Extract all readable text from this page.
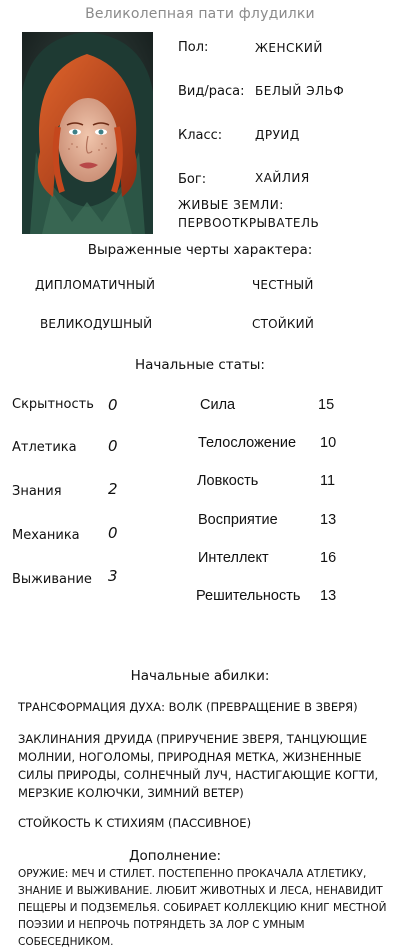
Великолепная пати флудилки
Пол:	ЖЕНСКИЙ
Вид/раса: БЕЛЫЙ ЭЛЬФ
Класс:	ДРУИД
Бог:	ХАЙЛИЯ
ЖИВЫЕ ЗЕМЛИ:
ПЕРВООТКРЫВАТЕЛЬ
Выраженные черты характера:
ДИПЛОМАТИЧНЫЙ	ЧЕСТНЫЙ
ВЕЛИКОДУШНЫЙ	СТОЙКИЙ
Начальные статы:
Скрытность 0
Атлетика 0
Знания	2
Механика 0
Выживание 3
Сила	15
Телосложение 10
Ловкость	11
Восприятие	13
Интеллект	16
Решительность 13
Начальные абилки:
ТРАНСФОРМАЦИЯ ДУХА: ВОЛК (ПРЕВРАЩЕНИЕ В ЗВЕРЯ)
ЗАКЛИНАНИЯ ДРУИДА (ПРИРУЧЕНИЕ ЗВЕРЯ, ТАНЦУЮЩИЕ МОЛНИИ, НОГОЛОМЫ, ПРИРОДНАЯ МЕТКА, ЖИЗНЕННЫЕ СИЛЫ ПРИРОДЫ, СОЛНЕЧНЫЙ ЛУЧ, НАСТИГАЮЩИЕ КОГТИ, МЕРЗКИЕ КОЛЮЧКИ, ЗИМНИЙ ВЕТЕР)
СТОЙКОСТЬ К СТИХИЯМ (ПАССИВНОЕ)
Дополнение:
ОРУЖИЕ: МЕЧ И СТИЛЕТ. ПОСТЕПЕННО ПРОКАЧАЛА АТЛЕТИКУ, ЗНАНИЕ И ВЫЖИВАНИЕ. ЛЮБИТ ЖИВОТНЫХ И ЛЕСА, НЕНАВИДИТ ПЕЩЕРЫ И ПОДЗЕМЕЛЬЯ. СОБИРАЕТ КОЛЛЕКЦИЮ КНИГ МЕСТНОЙ ПОЭЗИИ И НЕПРОЧЬ ПОТРЯНДЕТЬ ЗА ЛОР С УМНЫМ СОБЕСЕДНИКОМ.
